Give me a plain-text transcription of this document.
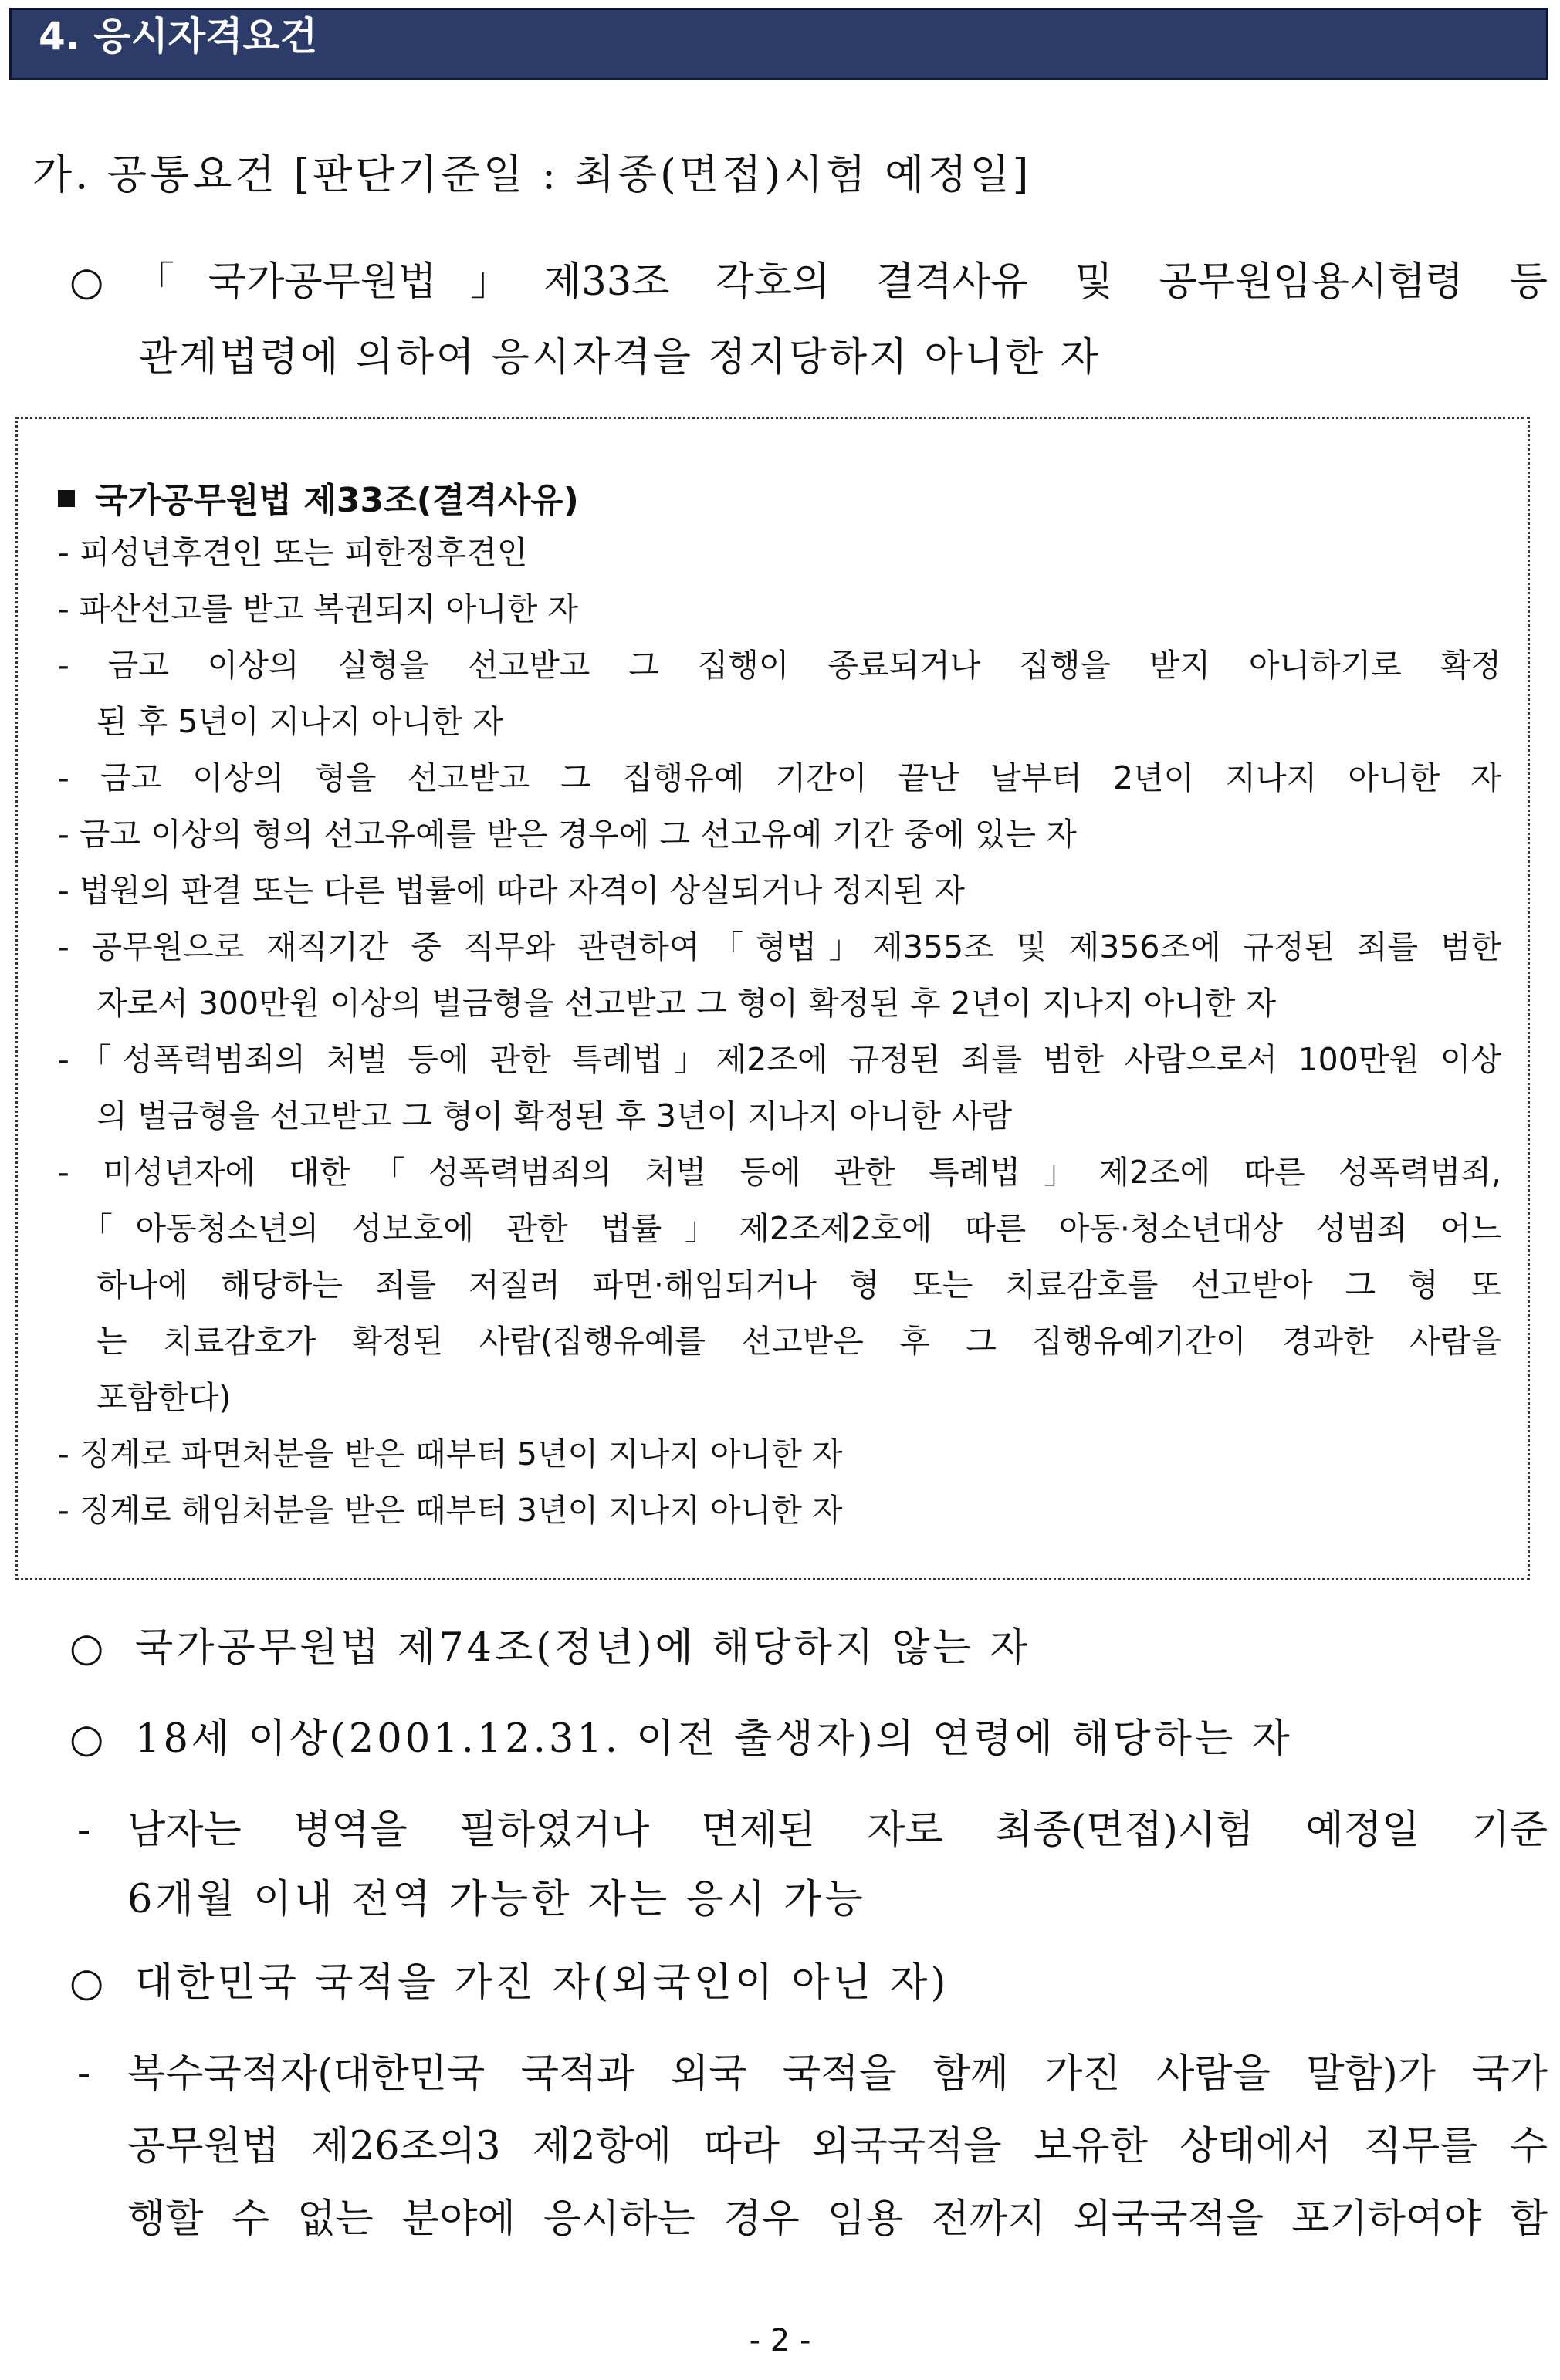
4. 응시자격요건
가. 공통요건 [판단기준일 : 최종(면접)시험 예정일]
○ 「국가공무원법」제33조 각호의 결격사유 및 공무원임용시험령 등
관계법령에 의하여 응시자격을 정지당하지 아니한 자
국가공무원법 제33조(결격사유)
- 피성년후견인 또는 피한정후견인
- 파산선고를 받고 복권되지 아니한 자
- 금고 이상의 실형을 선고받고 그 집행이 종료되거나 집행을 받지 아니하기로 확정
된 후 5년이 지나지 아니한 자
- 금고 이상의 형을 선고받고 그 집행유예 기간이 끝난 날부터 2년이 지나지 아니한 자
- 금고 이상의 형의 선고유예를 받은 경우에 그 선고유예 기간 중에 있는 자
- 법원의 판결 또는 다른 법률에 따라 자격이 상실되거나 정지된 자
- 공무원으로 재직기간 중 직무와 관련하여「형법」제355조 및 제356조에 규정된 죄를 범한
자로서 300만원 이상의 벌금형을 선고받고 그 형이 확정된 후 2년이 지나지 아니한 자
-「성폭력범죄의 처벌 등에 관한 특례법」제2조에 규정된 죄를 범한 사람으로서 100만원 이상
의 벌금형을 선고받고 그 형이 확정된 후 3년이 지나지 아니한 사람
- 미성년자에 대한「성폭력범죄의 처벌 등에 관한 특례법」제2조에 따른 성폭력범죄,
「아동청소년의 성보호에 관한 법률」제2조제2호에 따른 아동·청소년대상 성범죄 어느
하나에 해당하는 죄를 저질러 파면·해임되거나 형 또는 치료감호를 선고받아 그 형 또
는 치료감호가 확정된 사람(집행유예를 선고받은 후 그 집행유예기간이 경과한 사람을
포함한다)
- 징계로 파면처분을 받은 때부터 5년이 지나지 아니한 자
- 징계로 해임처분을 받은 때부터 3년이 지나지 아니한 자
○ 국가공무원법 제74조(정년)에 해당하지 않는 자
○ 18세 이상(2001.12.31. 이전 출생자)의 연령에 해당하는 자
- 남자는 병역을 필하였거나 면제된 자로 최종(면접)시험 예정일 기준
6개월 이내 전역 가능한 자는 응시 가능
○ 대한민국 국적을 가진 자(외국인이 아닌 자)
- 복수국적자(대한민국 국적과 외국 국적을 함께 가진 사람을 말함)가 국가
공무원법 제26조의3 제2항에 따라 외국국적을 보유한 상태에서 직무를 수
행할 수 없는 분야에 응시하는 경우 임용 전까지 외국국적을 포기하여야 함
- 2 -
